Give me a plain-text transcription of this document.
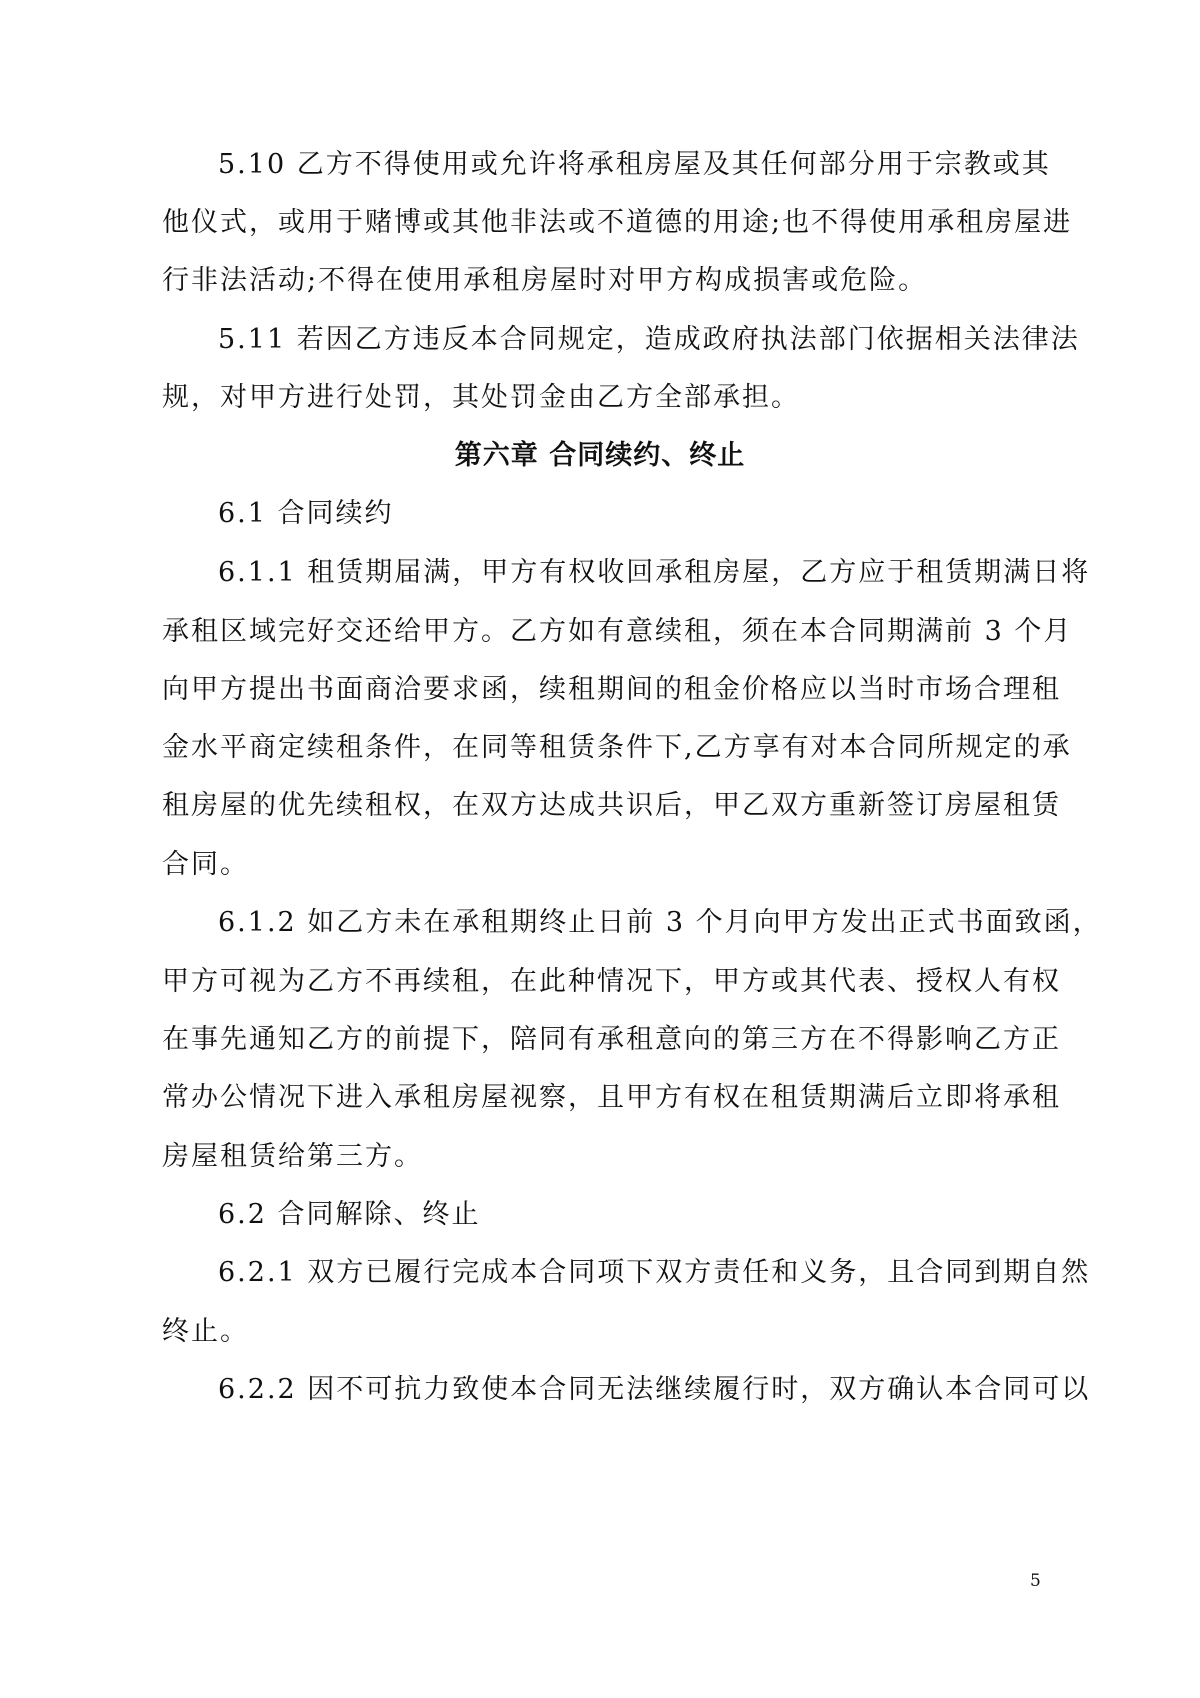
5.10 乙方不得使用或允许将承租房屋及其任何部分用于宗教或其
他仪式，或用于赌博或其他非法或不道德的用途;也不得使用承租房屋进
行非法活动;不得在使用承租房屋时对甲方构成损害或危险。
5.11 若因乙方违反本合同规定，造成政府执法部门依据相关法律法
规，对甲方进行处罚，其处罚金由乙方全部承担。
第六章 合同续约、终止
6.1 合同续约
6.1.1 租赁期届满，甲方有权收回承租房屋，乙方应于租赁期满日将
承租区域完好交还给甲方。乙方如有意续租，须在本合同期满前 3 个月
向甲方提出书面商洽要求函，续租期间的租金价格应以当时市场合理租
金水平商定续租条件，在同等租赁条件下,乙方享有对本合同所规定的承
租房屋的优先续租权，在双方达成共识后，甲乙双方重新签订房屋租赁
合同。
6.1.2 如乙方未在承租期终止日前 3 个月向甲方发出正式书面致函，
甲方可视为乙方不再续租，在此种情况下，甲方或其代表、授权人有权
在事先通知乙方的前提下，陪同有承租意向的第三方在不得影响乙方正
常办公情况下进入承租房屋视察，且甲方有权在租赁期满后立即将承租
房屋租赁给第三方。
6.2 合同解除、终止
6.2.1 双方已履行完成本合同项下双方责任和义务，且合同到期自然
终止。
6.2.2 因不可抗力致使本合同无法继续履行时，双方确认本合同可以
5
